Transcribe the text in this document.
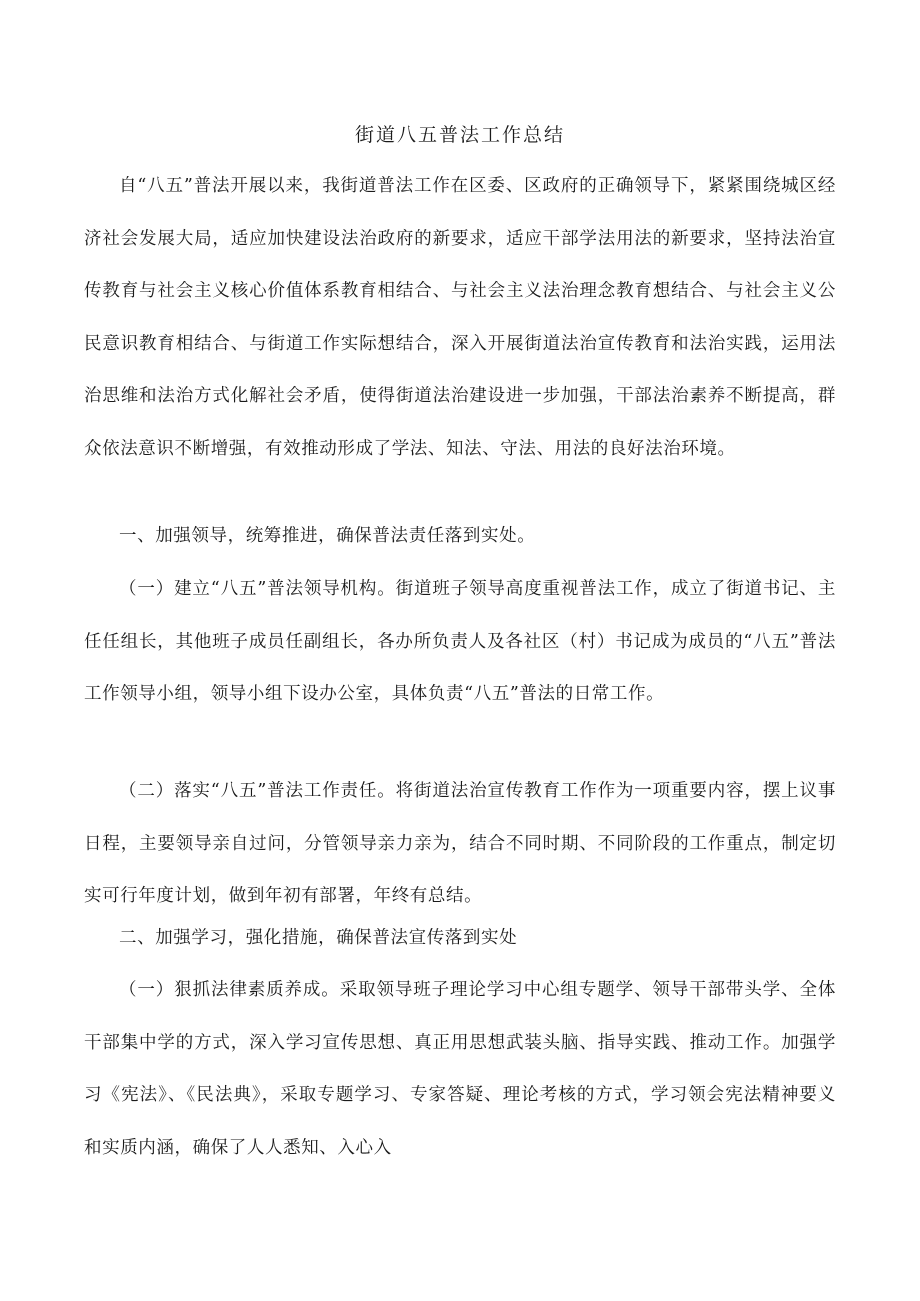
街道八五普法工作总结

自“八五”普法开展以来，我街道普法工作在区委、区政府的正确领导下，紧紧围绕城区经济社会发展大局，适应加快建设法治政府的新要求，适应干部学法用法的新要求，坚持法治宣传教育与社会主义核心价值体系教育相结合、与社会主义法治理念教育想结合、与社会主义公民意识教育相结合、与街道工作实际想结合，深入开展街道法治宣传教育和法治实践，运用法治思维和法治方式化解社会矛盾，使得街道法治建设进一步加强，干部法治素养不断提高，群众依法意识不断增强，有效推动形成了学法、知法、守法、用法的良好法治环境。

一、加强领导，统筹推进，确保普法责任落到实处。

（一）建立“八五”普法领导机构。街道班子领导高度重视普法工作，成立了街道书记、主任任组长，其他班子成员任副组长，各办所负责人及各社区（村）书记成为成员的“八五”普法工作领导小组，领导小组下设办公室，具体负责“八五”普法的日常工作。

（二）落实“八五”普法工作责任。将街道法治宣传教育工作作为一项重要内容，摆上议事日程，主要领导亲自过问，分管领导亲力亲为，结合不同时期、不同阶段的工作重点，制定切实可行年度计划，做到年初有部署，年终有总结。

二、加强学习，强化措施，确保普法宣传落到实处

（一）狠抓法律素质养成。采取领导班子理论学习中心组专题学、领导干部带头学、全体干部集中学的方式，深入学习宣传思想、真正用思想武装头脑、指导实践、推动工作。加强学习《宪法》、《民法典》，采取专题学习、专家答疑、理论考核的方式，学习领会宪法精神要义和实质内涵，确保了人人悉知、入心入
